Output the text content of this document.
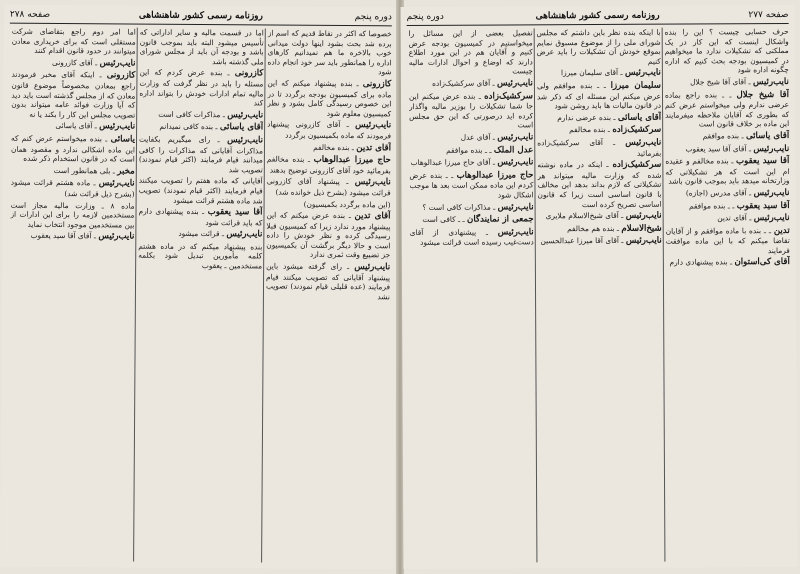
دوره پنجم
روزنامه رسمی کشور شاهنشاهی
صفحه ۲۷۸

خصوصا که اکثر در نقاط قدیم که اسم از برده شد بحث بشود اینها دولت میدانی خوب بالاخره ما هم نمیدانیم کارهای اداره را همانطور باید سر خود انجام داده شود

کازرونی ـ بنده پیشنهاد میکنم که این ماده برای کمیسیون بودجه برگردد تا در این خصوص رسیدگی کامل بشود و نظر کمیسیون معلوم شود

نایب‌رئیس ـ آقای کازرونی پیشنهاد فرمودند که ماده بکمیسیون برگردد

آقای تدین ـ بنده مخالفم

حاج میرزا عبدالوهاب ـ بنده مخالفم بفرمائید خود آقای کازرونی توضیح بدهند

نایب‌رئیس ـ پیشنهاد آقای کازرونی قرائت میشود (بشرح ذیل خوانده شد)

(این ماده برگردد بکمیسیون)

آقای تدین ـ بنده عرض میکنم که این پیشنهاد مورد ندارد زیرا که کمیسیون قبلا رسیدگی کرده و نظر خودش را داده است و حالا دیگر برگشت آن بکمیسیون جز تضییع وقت ثمری ندارد

نایب‌رئیس ـ رای گرفته میشود باین پیشنهاد آقایانی که تصویب میکنند قیام فرمایند (عده قلیلی قیام نمودند) تصویب نشد

اما در قسمت مالیه و سایر اداراتی که تأسیس میشود البته باید بموجب قانون باشد و بودجه آن باید از مجلس شورای ملی گذشته باشد

کازرونی ـ بنده عرض کردم که این مسئله را باید در نظر گرفت که وزارت مالیه تمام ادارات خودش را بتواند اداره کند

نایب‌رئیس ـ مذاکرات کافی است

آقای یاسائی ـ بنده کافی نمیدانم

نایب‌رئیس ـ رای میگیریم بکفایت مذاکرات آقایانی که مذاکرات را کافی میدانند قیام فرمایند (اکثر قیام نمودند) تصویب شد

آقایانی که ماده هفتم را تصویب میکنند قیام فرمایند (اکثر قیام نمودند) تصویب شد ماده هشتم قرائت میشود

آقا سید یعقوب ـ بنده پیشنهادی دارم که باید قرائت شود

نایب‌رئیس ـ قرائت میشود

بنده پیشنهاد میکنم که در ماده هشتم کلمه مأمورین تبدیل شود بکلمه مستخدمین ـ یعقوب

اما امر دوم راجع بتقاضای شرکت مستقلی است که برای خریداری معادن میتوانند در حدود قانون اقدام کنند

نایب‌رئیس ـ آقای کازرونی

کازرونی ـ اینکه آقای مخبر فرمودند راجع بمعادن مخصوصاً موضوع قانون معادن که از مجلس گذشته است باید دید که آیا وزارت فوائد عامه میتواند بدون تصویب مجلس این کار را بکند یا نه

نایب‌رئیس ـ آقای یاسائی

یاسائی ـ بنده میخواستم عرض کنم که این ماده اشکالی ندارد و مقصود همان است که در قانون استخدام ذکر شده

مخبر ـ بلی همانطور است

نایب‌رئیس ـ ماده هشتم قرائت میشود (بشرح ذیل قرائت شد)

ماده ۸ ـ وزارت مالیه مجاز است مستخدمین لازمه را برای این ادارات از بین مستخدمین موجود انتخاب نماید

نایب‌رئیس ـ آقای آقا سید یعقوب

صفحه ۲۷۷
روزنامه رسمی کشور شاهنشاهی
دوره پنجم

حرف حسابی چیست ؟ این را بنده واشکال اینست که این کار در یک مملکتی که تشکیلات ندارد ما میخواهیم در کمیسیون بودجه بحث کنیم که اداره چگونه اداره شود

نایب‌رئیس ـ آقای آقا شیخ جلال

آقا شیخ جلال ـ ـ بنده راجع بماده عرضی ندارم ولی میخواستم عرض کنم که بطوری که آقایان ملاحظه میفرمایند این ماده بر خلاف قانون است

آقای یاسائی ـ بنده موافقم

نایب‌رئیس ـ آقای آقا سید یعقوب

آقا سید یعقوب ـ بنده مخالفم و عقیده ام این است که هر تشکیلاتی که وزارتخانه میدهد باید بموجب قانون باشد

نایب‌رئیس ـ آقای مدرس (اجازه)

آقا سید یعقوب ـ ـ بنده موافقم

نایب‌رئیس ـ آقای تدین

تدین ـ ـ بنده با ماده موافقم و از آقایان تقاضا میکنم که با این ماده موافقت فرمایند

آقای کی‌استوان ـ بنده پیشنهادی دارم

با اینکه بنده نظر باین داشتم که مجلس شورای ملی را از موضوع مسبوق نمایم بموقع خودش آن تشکیلات را باید عرض کنیم

نایب‌رئیس ـ آقای سلیمان میرزا

سلیمان میرزا ـ ـ بنده موافقم ولی عرض میکنم این مسئله ای که ذکر شد در قانون مالیات ها باید روشن شود

آقای یاسائی ـ بنده عرضی ندارم

سرکشیک‌زاده ـ بنده مخالفم

نایب‌رئیس ـ آقای سرکشیک‌زاده بفرمائید

سرکشیک‌زاده ـ اینکه در ماده نوشته شده که وزارت مالیه میتواند هر تشکیلاتی که لازم بداند بدهد این مخالف با قانون اساسی است زیرا که قانون اساسی تصریح کرده است

نایب‌رئیس ـ آقای شیخ‌الاسلام ملایری

شیخ‌الاسلام ـ بنده هم مخالفم

نایب‌رئیس ـ آقای آقا میرزا عبدالحسین

تفصیل بعضی از این مسائل را میخواستیم در کمیسیون بودجه عرض کنیم و آقایان هم در این مورد اطلاع دارند که اوضاع و احوال ادارات مالیه چیست

نایب‌رئیس ـ آقای سرکشیک‌زاده

سرکشیک‌زاده ـ بنده عرض میکنم این جا شما تشکیلات را بوزیر مالیه واگذار کرده اید درصورتی که این حق مجلس است

نایب‌رئیس ـ آقای عدل

عدل الملک ـ ـ بنده موافقم

نایب‌رئیس ـ آقای حاج میرزا عبدالوهاب

حاج میرزا عبدالوهاب ـ ـ بنده عرض کردم این ماده ممکن است بعد ها موجب اشکال شود

نایب‌رئیس ـ مذاکرات کافی است ؟

جمعی از نمایندگان ـ ـ کافی است

نایب‌رئیس ـ پیشنهادی از آقای دست‌غیب رسیده است قرائت میشود
